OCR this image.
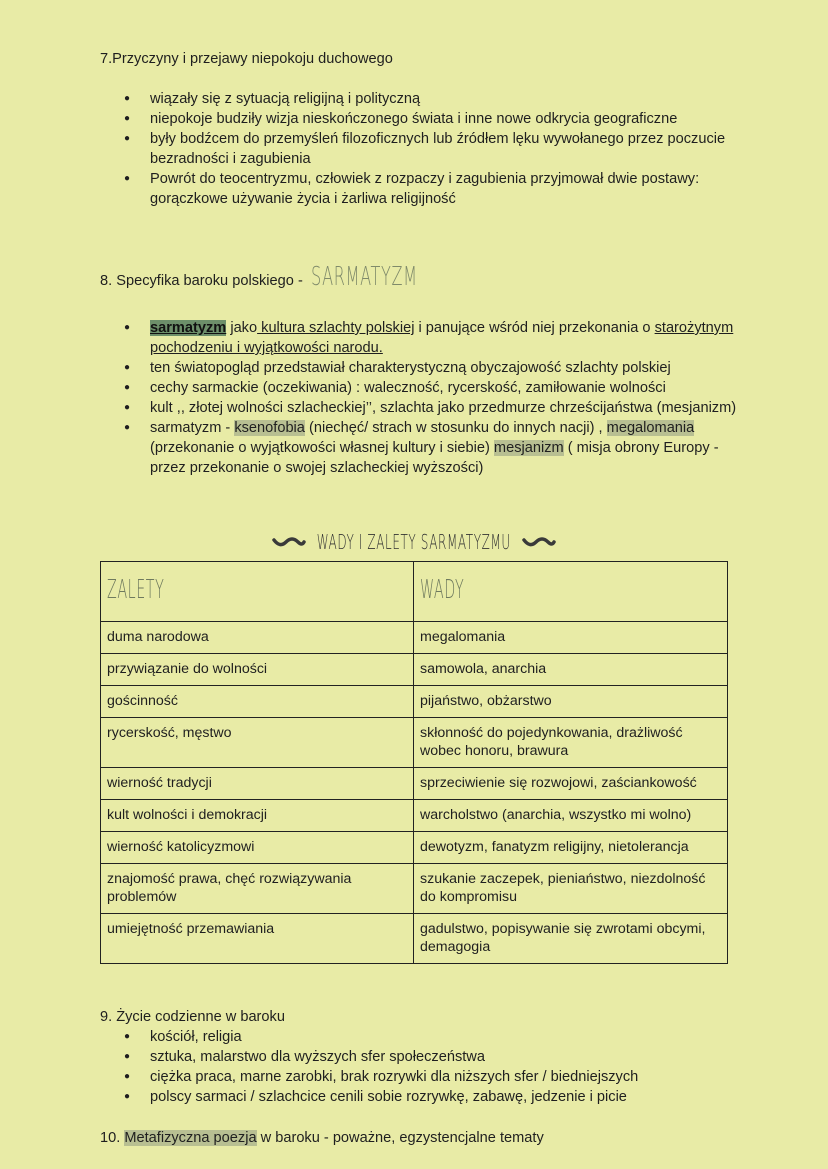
7.Przyczyny i przejawy niepokoju duchowego
● wiązały się z sytuacją religijną i polityczną
● niepokoje budziły wizja nieskończonego świata i inne nowe odkrycia geograficzne
● były bodźcem do przemyśleń filozoficznych lub źródłem lęku wywołanego przez poczucie bezradności i zagubienia
● Powrót do teocentryzmu, człowiek z rozpaczy i zagubienia przyjmował dwie postawy: gorączkowe używanie życia i żarliwa religijność
8. Specyfika baroku polskiego - SARMATYZM
● sarmatyzm jako kultura szlachty polskiej i panujące wśród niej przekonania o starożytnym pochodzeniu i wyjątkowości narodu.
● ten światopogląd przedstawiał charakterystyczną obyczajowość szlachty polskiej
● cechy sarmackie (oczekiwania) : waleczność, rycerskość, zamiłowanie wolności
● kult ,, złotej wolności szlacheckiej’’, szlachta jako przedmurze chrześcijaństwa (mesjanizm)
● sarmatyzm - ksenofobia (niechęć/ strach w stosunku do innych nacji) , megalomania (przekonanie o wyjątkowości własnej kultury i siebie) mesjanizm ( misja obrony Europy - przez przekonanie o swojej szlacheckiej wyższości)
WADY I ZALETY SARMATYZMU
ZALETY	WADY
duma narodowa	megalomania
przywiązanie do wolności	samowola, anarchia
gościnność	pijaństwo, obżarstwo
rycerskość, męstwo	skłonność do pojedynkowania, drażliwość wobec honoru, brawura
wierność tradycji	sprzeciwienie się rozwojowi, zaściankowość
kult wolności i demokracji	warcholstwo (anarchia, wszystko mi wolno)
wierność katolicyzmowi	dewotyzm, fanatyzm religijny, nietolerancja
znajomość prawa, chęć rozwiązywania problemów	szukanie zaczepek, pieniaństwo, niezdolność do kompromisu
umiejętność przemawiania	gadulstwo, popisywanie się zwrotami obcymi, demagogia
9. Życie codzienne w baroku
● kościół, religia
● sztuka, malarstwo dla wyższych sfer społeczeństwa
● ciężka praca, marne zarobki, brak rozrywki dla niższych sfer / biedniejszych
● polscy sarmaci / szlachcice cenili sobie rozrywkę, zabawę, jedzenie i picie
10. Metafizyczna poezja w baroku - poważne, egzystencjalne tematy
